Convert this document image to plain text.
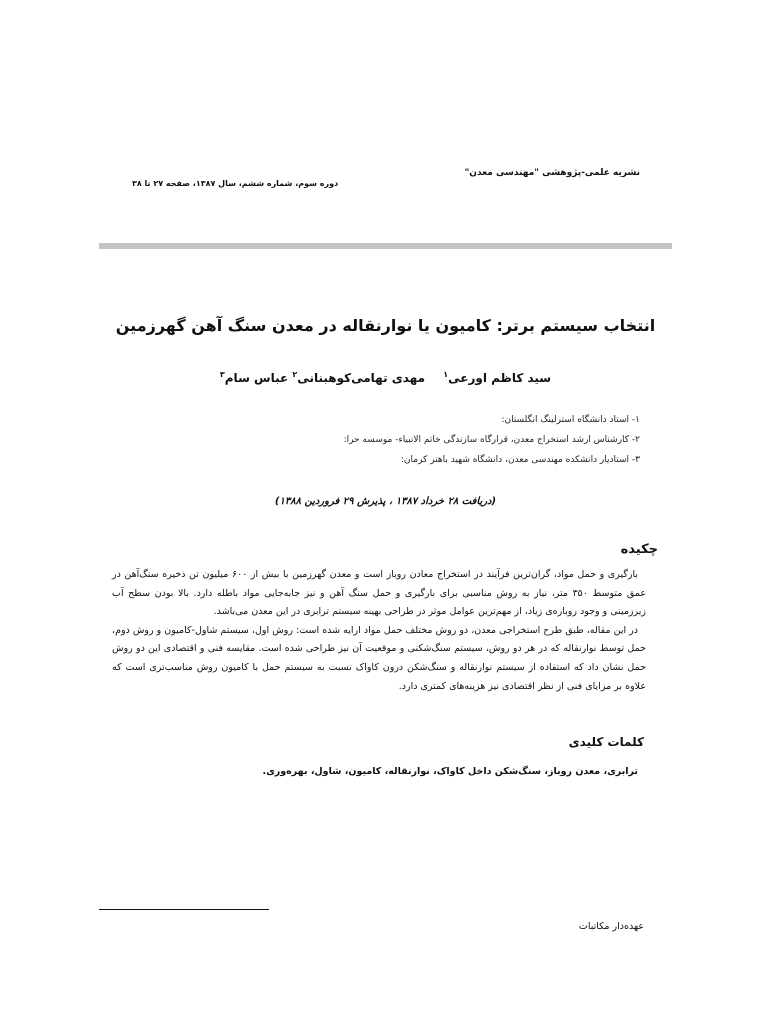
نشریه علمی-پژوهشی "مهندسی معدن"
دوره سوم، شماره ششم، سال ۱۳۸۷، صفحه ۲۷ تا ۳۸
انتخاب سیستم برتر: کامیون یا نوارنقاله در معدن سنگ آهن گهرزمین
سید کاظم اورعی$^۱$ مهدی تهامی‌کوهبنانی$^۲$ عباس سام$^۳$
۱- استاد دانشگاه استرلینگ انگلستان:
۲- کارشناس ارشد استخراج معدن، قرارگاه سازندگی خاتم الانبیاء- موسسه حرا:
۳- استادیار دانشکده مهندسی معدن، دانشگاه شهید باهنر کرمان:
(دریافت ۲۸ خرداد ۱۳۸۷ ، پذیرش ۲۹ فروردین ۱۳۸۸)
چکیده

بارگیری و حمل مواد، گران‌ترین فرآیند در استخراج معادن روباز است و معدن گهرزمین با بیش از ۶۰۰ میلیون تن ذخیره سنگ‌آهن در عمق متوسط ۳۵۰ متر، نیاز به روش مناسبی برای بارگیری و حمل سنگ آهن و نیز جابه‌جایی مواد باطله دارد. بالا بودن سطح آب زیرزمینی و وجود روباره‌ی زیاد، از مهم‌ترین عوامل موثر در طراحی بهینه سیستم ترابری در این معدن می‌باشد.

در این مقاله، طبق طرح استخراجی معدن، دو روش مختلف حمل مواد ارایه شده است: روش اول، سیستم شاول-کامیون و روش دوم، حمل توسط نوارنقاله که در هر دو روش، سیستم سنگ‌شکنی و موقعیت آن نیز طراحی شده است. مقایسه فنی و اقتصادی این دو روش حمل نشان داد که استفاده از سیستم نوارنقاله و سنگ‌شکن درون کاواک نسبت به سیستم حمل با کامیون روش مناسب‌تری است که علاوه بر مزایای فنی از نظر اقتصادی نیز هزینه‌های کمتری دارد.

کلمات کلیدی
ترابری، معدن روباز، سنگ‌شکن داخل کاواک، نوارنقاله، کامیون، شاول، بهره‌وری.
عهده‌دار مکاتبات
